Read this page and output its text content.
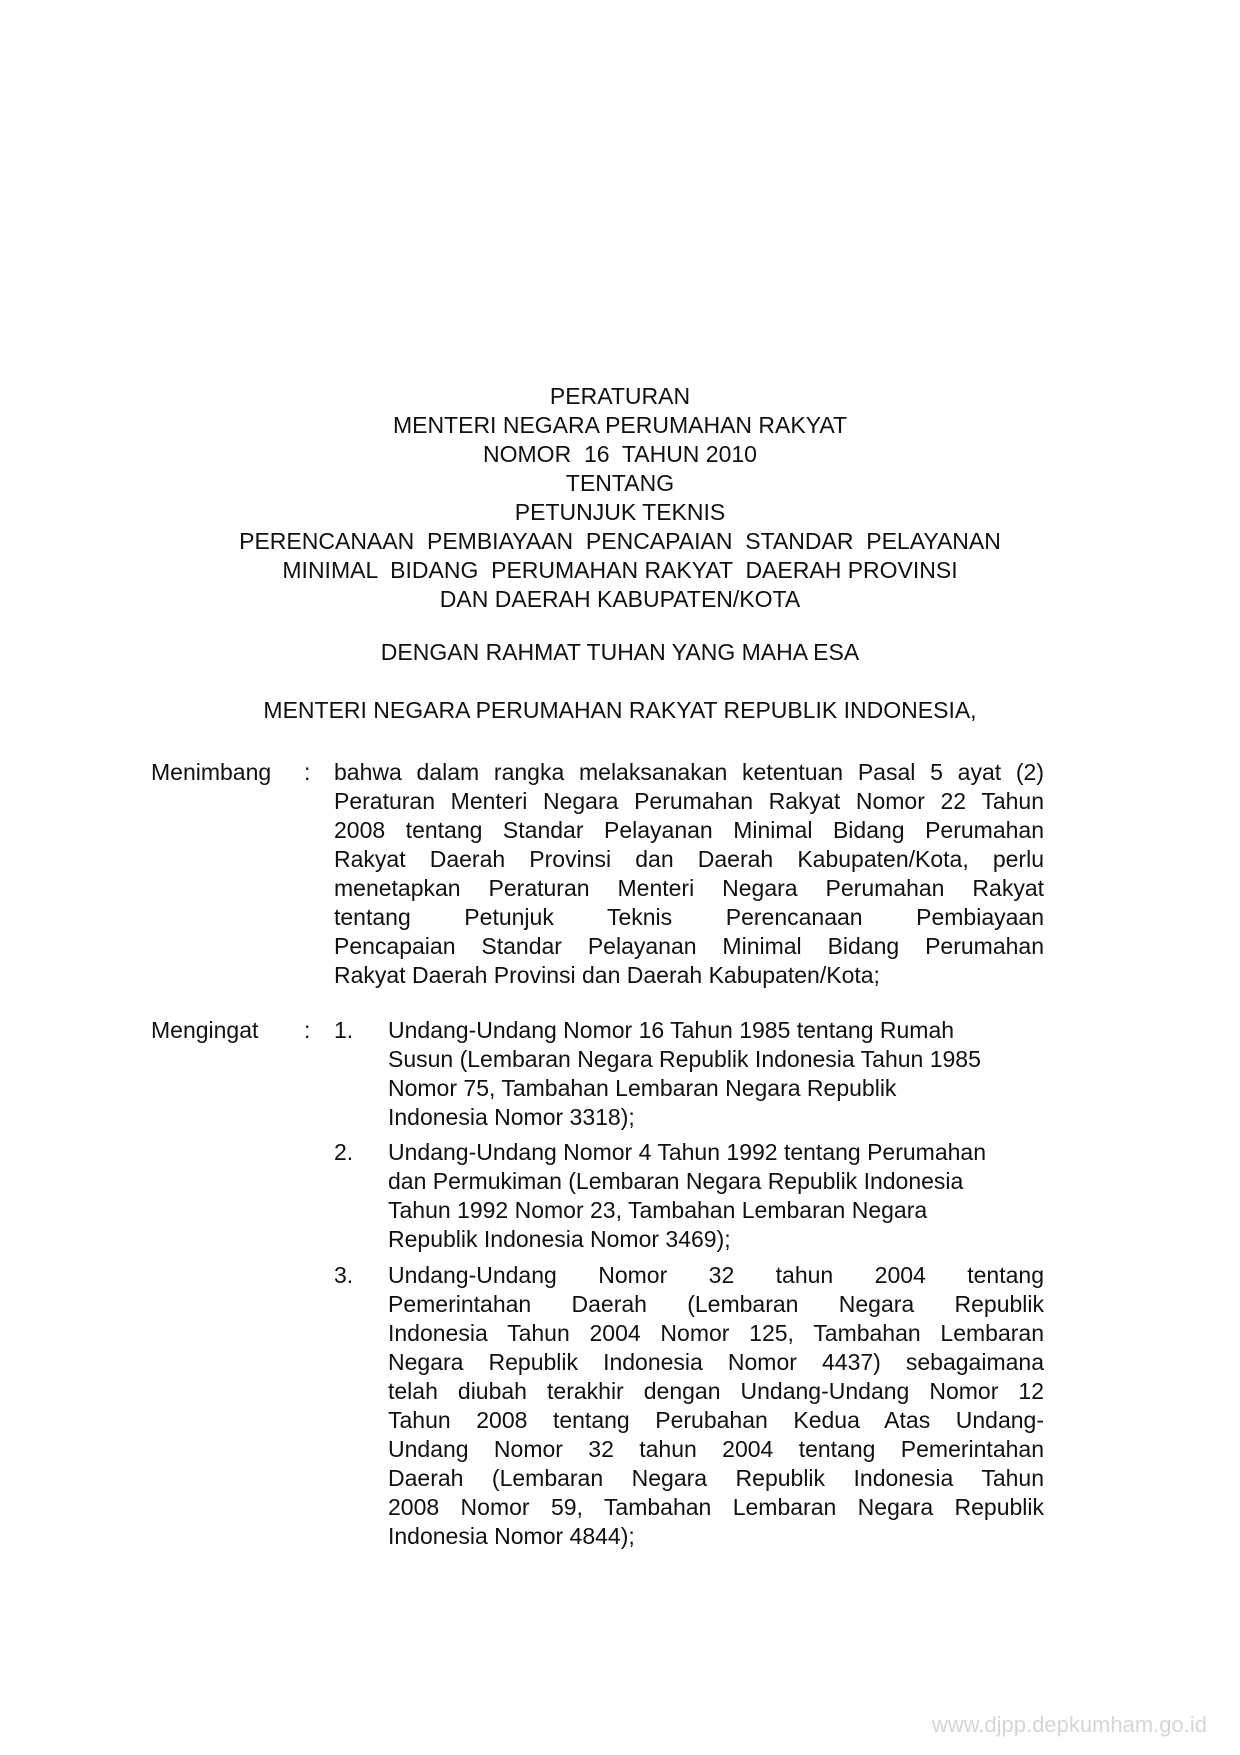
PERATURAN
MENTERI NEGARA PERUMAHAN RAKYAT
NOMOR  16  TAHUN 2010
TENTANG
PETUNJUK TEKNIS
PERENCANAAN  PEMBIAYAAN  PENCAPAIAN  STANDAR  PELAYANAN
MINIMAL  BIDANG  PERUMAHAN RAKYAT  DAERAH PROVINSI
DAN DAERAH KABUPATEN/KOTA
DENGAN RAHMAT TUHAN YANG MAHA ESA
MENTERI NEGARA PERUMAHAN RAKYAT REPUBLIK INDONESIA,
Menimbang : bahwa dalam rangka melaksanakan ketentuan Pasal 5 ayat (2)
Peraturan Menteri Negara Perumahan Rakyat Nomor 22 Tahun
2008 tentang Standar Pelayanan Minimal Bidang Perumahan
Rakyat Daerah Provinsi dan Daerah Kabupaten/Kota, perlu
menetapkan Peraturan Menteri Negara Perumahan Rakyat
tentang Petunjuk Teknis Perencanaan Pembiayaan
Pencapaian Standar Pelayanan Minimal Bidang Perumahan
Rakyat Daerah Provinsi dan Daerah Kabupaten/Kota;
Mengingat : 1. Undang-Undang Nomor 16 Tahun 1985 tentang Rumah
Susun (Lembaran Negara Republik Indonesia Tahun 1985
Nomor 75, Tambahan Lembaran Negara Republik
Indonesia Nomor 3318);
2. Undang-Undang Nomor 4 Tahun 1992 tentang Perumahan
dan Permukiman (Lembaran Negara Republik Indonesia
Tahun 1992 Nomor 23, Tambahan Lembaran Negara
Republik Indonesia Nomor 3469);
3. Undang-Undang Nomor 32 tahun 2004 tentang
Pemerintahan Daerah (Lembaran Negara Republik
Indonesia Tahun 2004 Nomor 125, Tambahan Lembaran
Negara Republik Indonesia Nomor 4437) sebagaimana
telah diubah terakhir dengan Undang-Undang Nomor 12
Tahun 2008 tentang Perubahan Kedua Atas Undang-
Undang Nomor 32 tahun 2004 tentang Pemerintahan
Daerah (Lembaran Negara Republik Indonesia Tahun
2008 Nomor 59, Tambahan Lembaran Negara Republik
Indonesia Nomor 4844);
www.djpp.depkumham.go.id
